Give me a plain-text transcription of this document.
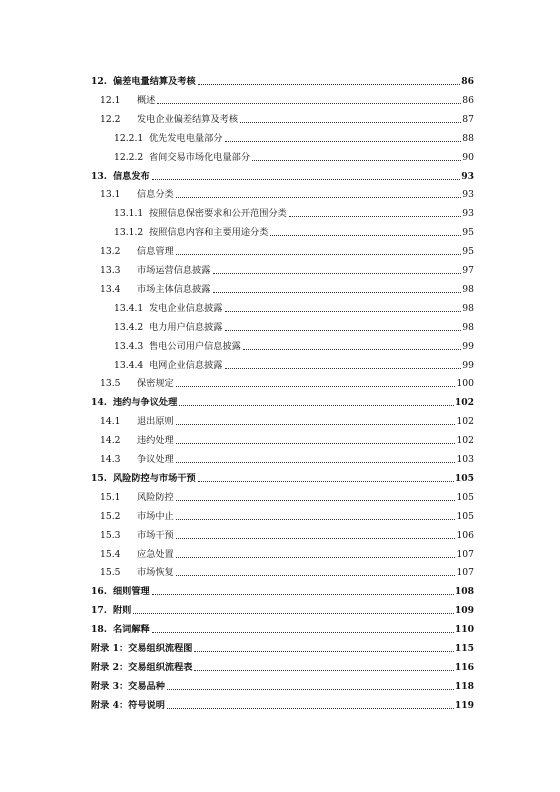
12. 偏差电量结算及考核	86
12.1	概述	86
12.2	发电企业偏差结算及考核	87
12.2.1 优先发电电量部分	88
12.2.2 省间交易市场化电量部分	90
13. 信息发布	93
13.1	信息分类	93
13.1.1 按照信息保密要求和公开范围分类	93
13.1.2 按照信息内容和主要用途分类	95
13.2	信息管理	95
13.3	市场运营信息披露	97
13.4	市场主体信息披露	98
13.4.1 发电企业信息披露	98
13.4.2 电力用户信息披露	98
13.4.3 售电公司用户信息披露	99
13.4.4 电网企业信息披露	99
13.5	保密规定	100
14. 违约与争议处理	102
14.1	退出原则	102
14.2	违约处理	102
14.3	争议处理	103
15. 风险防控与市场干预	105
15.1	风险防控	105
15.2	市场中止	105
15.3	市场干预	106
15.4	应急处置	107
15.5	市场恢复	107
16. 细则管理	108
17. 附则	109
18. 名词解释	110
附录 1：交易组织流程图	115
附录 2：交易组织流程表	116
附录 3：交易品种	118
附录 4：符号说明	119
